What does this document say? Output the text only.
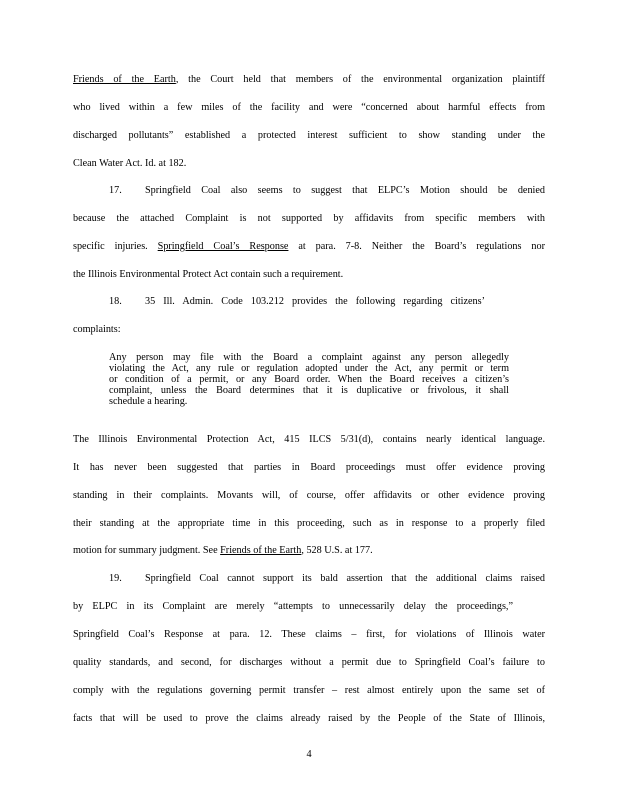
Friends of the Earth, the Court held that members of the environmental organization plaintiff
who lived within a few miles of the facility and were “concerned about harmful effects from
discharged pollutants” established a protected interest sufficient to show standing under the
Clean Water Act. Id. at 182.
17. Springfield Coal also seems to suggest that ELPC’s Motion should be denied
because the attached Complaint is not supported by affidavits from specific members with
specific injuries. Springfield Coal’s Response at para. 7-8. Neither the Board’s regulations nor
the Illinois Environmental Protect Act contain such a requirement.
18. 35 Ill. Admin. Code 103.212 provides the following regarding citizens’
complaints:
Any person may file with the Board a complaint against any person allegedly
violating the Act, any rule or regulation adopted under the Act, any permit or term
or condition of a permit, or any Board order. When the Board receives a citizen’s
complaint, unless the Board determines that it is duplicative or frivolous, it shall
schedule a hearing.
The Illinois Environmental Protection Act, 415 ILCS 5/31(d), contains nearly identical language.
It has never been suggested that parties in Board proceedings must offer evidence proving
standing in their complaints. Movants will, of course, offer affidavits or other evidence proving
their standing at the appropriate time in this proceeding, such as in response to a properly filed
motion for summary judgment. See Friends of the Earth, 528 U.S. at 177.
19. Springfield Coal cannot support its bald assertion that the additional claims raised
by ELPC in its Complaint are merely “attempts to unnecessarily delay the proceedings,”
Springfield Coal’s Response at para. 12. These claims – first, for violations of Illinois water
quality standards, and second, for discharges without a permit due to Springfield Coal’s failure to
comply with the regulations governing permit transfer – rest almost entirely upon the same set of
facts that will be used to prove the claims already raised by the People of the State of Illinois,
4
